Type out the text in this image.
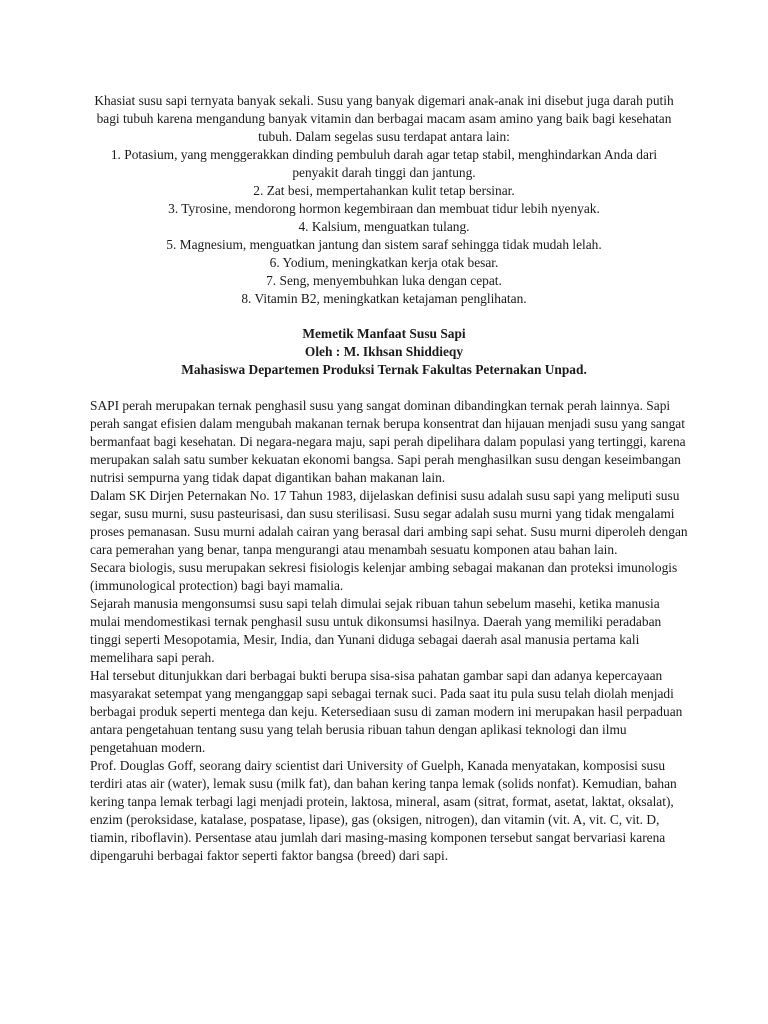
Khasiat susu sapi ternyata banyak sekali. Susu yang banyak digemari anak-anak ini disebut juga darah putih bagi tubuh karena mengandung banyak vitamin dan berbagai macam asam amino yang baik bagi kesehatan tubuh. Dalam segelas susu terdapat antara lain:

1. Potasium, yang menggerakkan dinding pembuluh darah agar tetap stabil, menghindarkan Anda dari penyakit darah tinggi dan jantung.

2. Zat besi, mempertahankan kulit tetap bersinar.

3. Tyrosine, mendorong hormon kegembiraan dan membuat tidur lebih nyenyak.

4. Kalsium, menguatkan tulang.

5. Magnesium, menguatkan jantung dan sistem saraf sehingga tidak mudah lelah.

6. Yodium, meningkatkan kerja otak besar.

7. Seng, menyembuhkan luka dengan cepat.

8. Vitamin B2, meningkatkan ketajaman penglihatan.

Memetik Manfaat Susu Sapi
Oleh : M. Ikhsan Shiddieqy
Mahasiswa Departemen Produksi Ternak Fakultas Peternakan Unpad.

SAPI perah merupakan ternak penghasil susu yang sangat dominan dibandingkan ternak perah lainnya. Sapi perah sangat efisien dalam mengubah makanan ternak berupa konsentrat dan hijauan menjadi susu yang sangat bermanfaat bagi kesehatan. Di negara-negara maju, sapi perah dipelihara dalam populasi yang tertinggi, karena merupakan salah satu sumber kekuatan ekonomi bangsa. Sapi perah menghasilkan susu dengan keseimbangan nutrisi sempurna yang tidak dapat digantikan bahan makanan lain.

Dalam SK Dirjen Peternakan No. 17 Tahun 1983, dijelaskan definisi susu adalah susu sapi yang meliputi susu segar, susu murni, susu pasteurisasi, dan susu sterilisasi. Susu segar adalah susu murni yang tidak mengalami proses pemanasan. Susu murni adalah cairan yang berasal dari ambing sapi sehat. Susu murni diperoleh dengan cara pemerahan yang benar, tanpa mengurangi atau menambah sesuatu komponen atau bahan lain.

Secara biologis, susu merupakan sekresi fisiologis kelenjar ambing sebagai makanan dan proteksi imunologis (immunological protection) bagi bayi mamalia.

Sejarah manusia mengonsumsi susu sapi telah dimulai sejak ribuan tahun sebelum masehi, ketika manusia mulai mendomestikasi ternak penghasil susu untuk dikonsumsi hasilnya. Daerah yang memiliki peradaban tinggi seperti Mesopotamia, Mesir, India, dan Yunani diduga sebagai daerah asal manusia pertama kali memelihara sapi perah.

Hal tersebut ditunjukkan dari berbagai bukti berupa sisa-sisa pahatan gambar sapi dan adanya kepercayaan masyarakat setempat yang menganggap sapi sebagai ternak suci. Pada saat itu pula susu telah diolah menjadi berbagai produk seperti mentega dan keju. Ketersediaan susu di zaman modern ini merupakan hasil perpaduan antara pengetahuan tentang susu yang telah berusia ribuan tahun dengan aplikasi teknologi dan ilmu pengetahuan modern.

Prof. Douglas Goff, seorang dairy scientist dari University of Guelph, Kanada menyatakan, komposisi susu terdiri atas air (water), lemak susu (milk fat), dan bahan kering tanpa lemak (solids nonfat). Kemudian, bahan kering tanpa lemak terbagi lagi menjadi protein, laktosa, mineral, asam (sitrat, format, asetat, laktat, oksalat), enzim (peroksidase, katalase, pospatase, lipase), gas (oksigen, nitrogen), dan vitamin (vit. A, vit. C, vit. D, tiamin, riboflavin). Persentase atau jumlah dari masing-masing komponen tersebut sangat bervariasi karena dipengaruhi berbagai faktor seperti faktor bangsa (breed) dari sapi.
